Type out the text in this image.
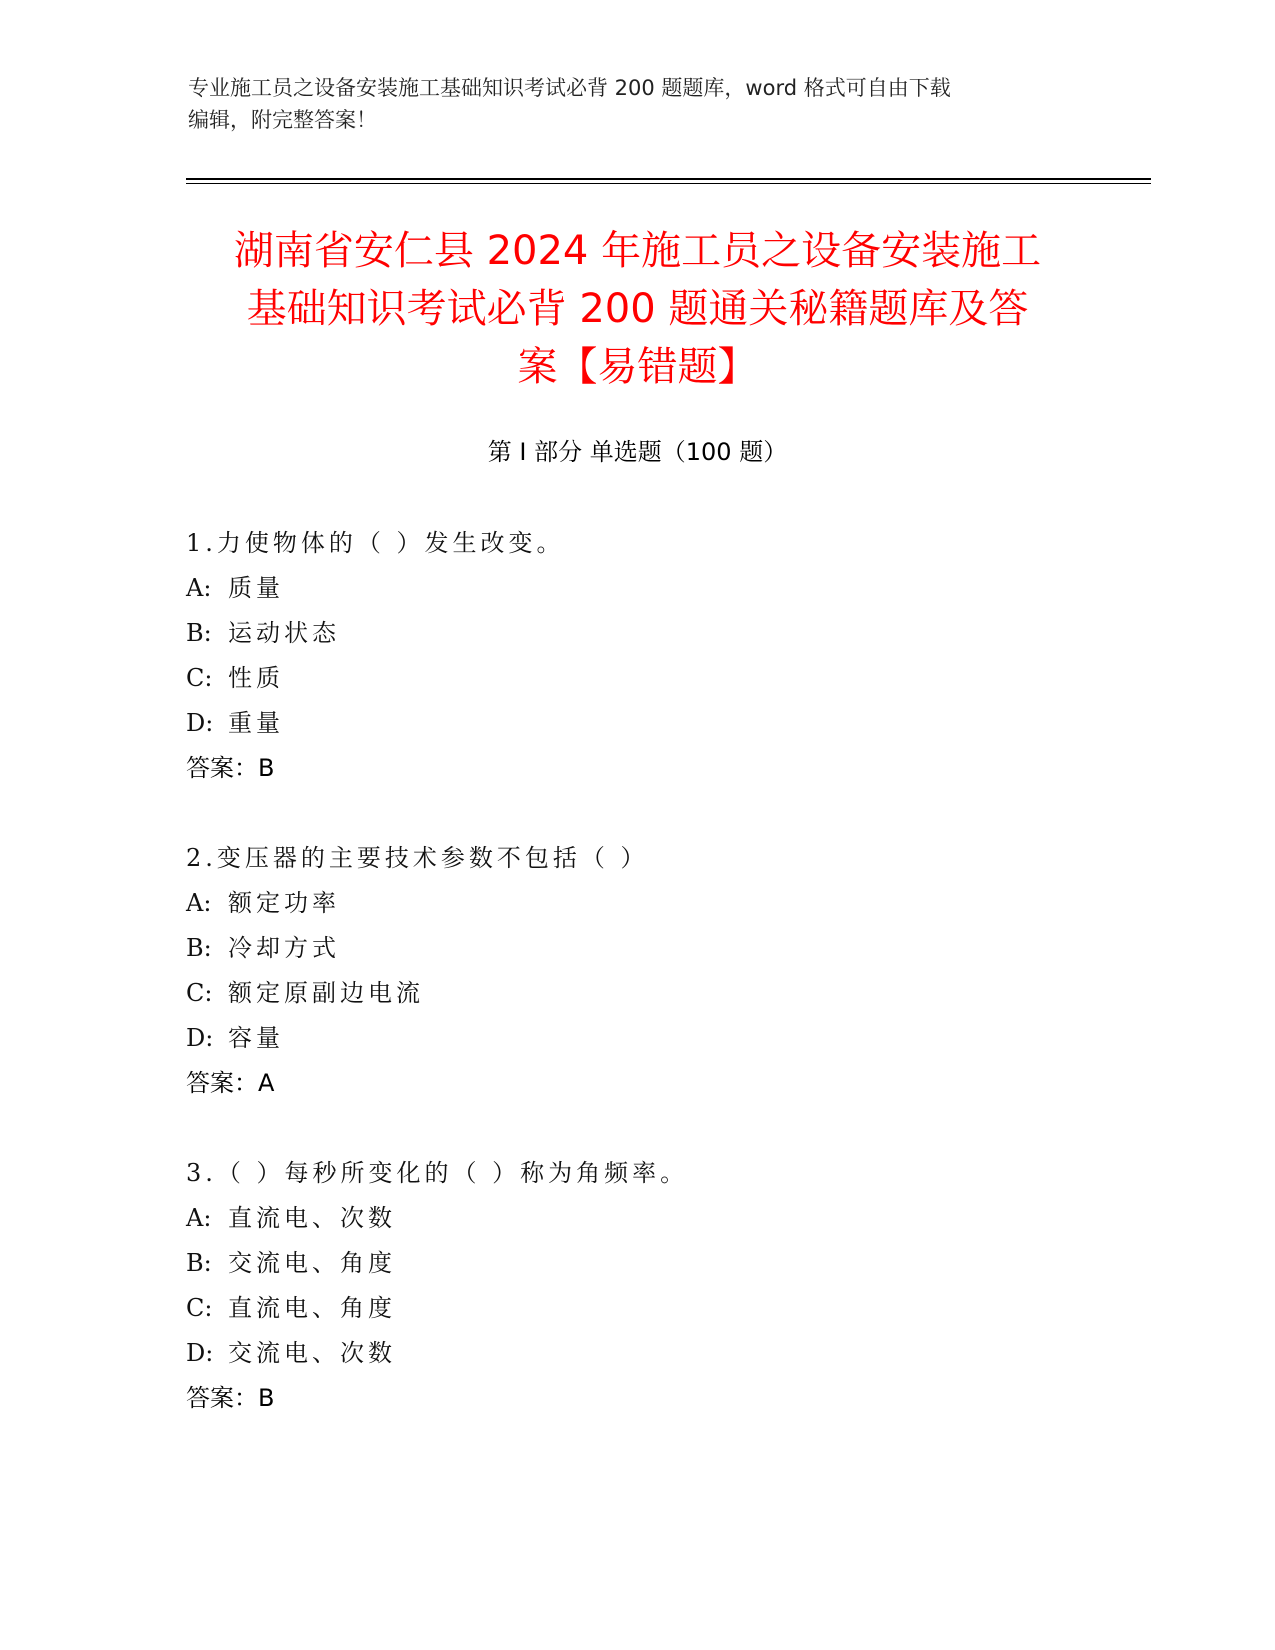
专业施工员之设备安装施工基础知识考试必背 200 题题库，word 格式可自由下载
编辑，附完整答案！
湖南省安仁县 2024 年施工员之设备安装施工
基础知识考试必背 200 题通关秘籍题库及答
案【易错题】
第 I 部分 单选题（100 题）
1.力使物体的（ ）发生改变。
A: 质量
B: 运动状态
C: 性质
D: 重量
答案：B
2.变压器的主要技术参数不包括（ ）
A: 额定功率
B: 冷却方式
C: 额定原副边电流
D: 容量
答案：A
3.（ ）每秒所变化的（ ）称为角频率。
A: 直流电、次数
B: 交流电、角度
C: 直流电、角度
D: 交流电、次数
答案：B
